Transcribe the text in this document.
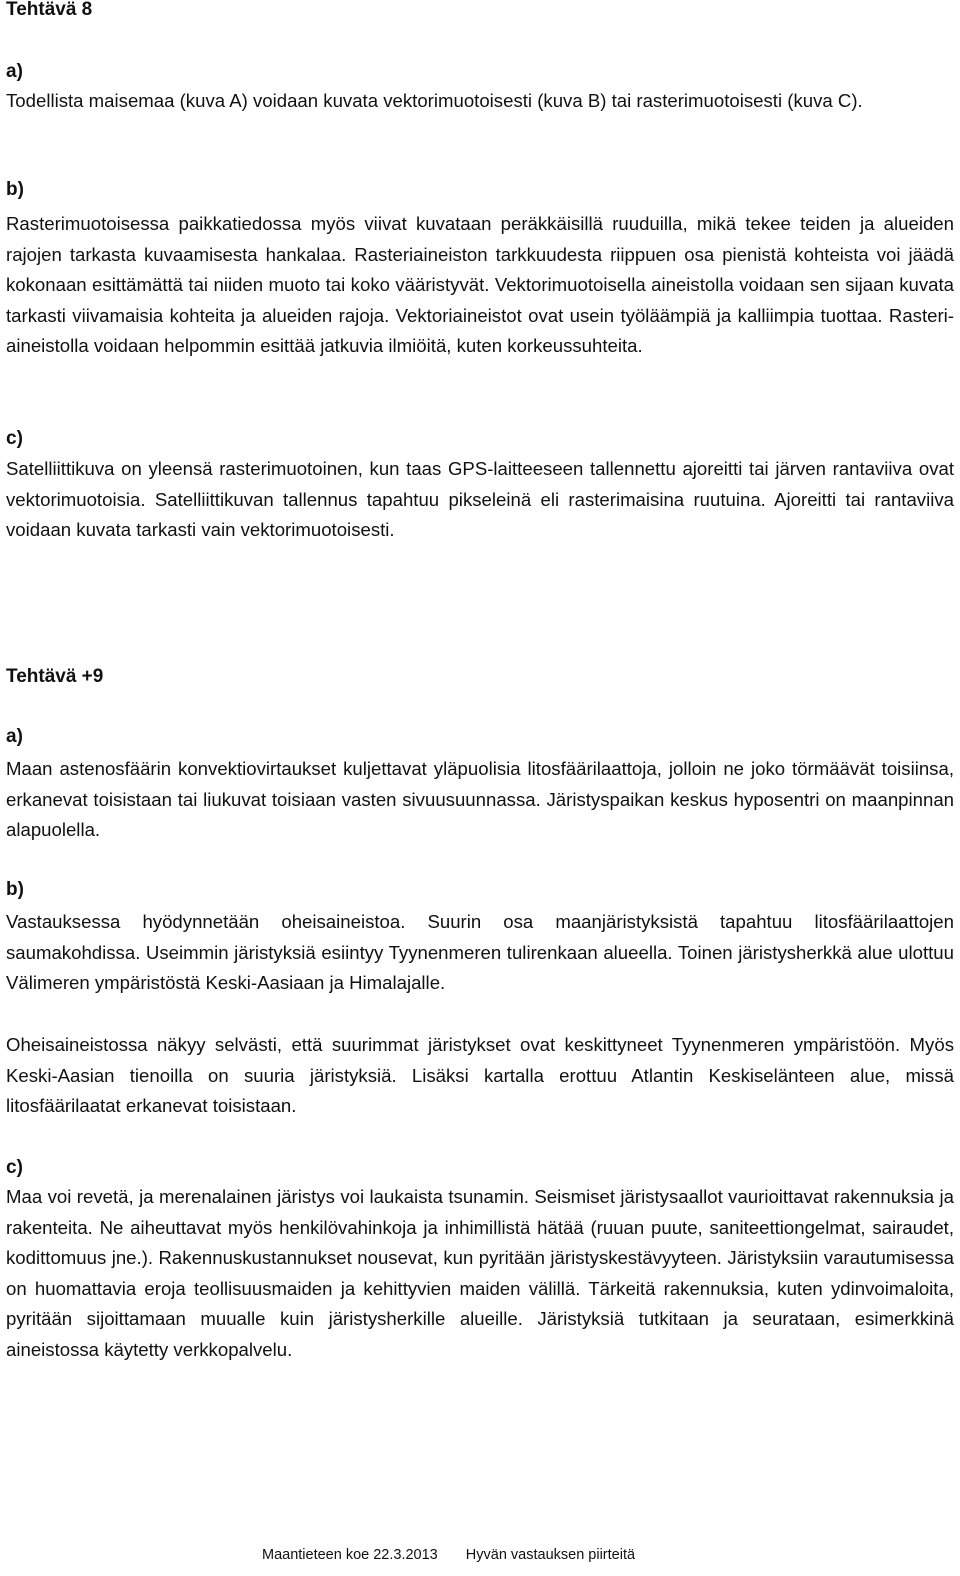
Tehtävä 8
a)

Todellista maisemaa (kuva A) voidaan kuvata vektorimuotoisesti (kuva B) tai rasterimuotoisesti (kuva C).

b)

Rasterimuotoisessa paikkatiedossa myös viivat kuvataan peräkkäisillä ruuduilla, mikä tekee teiden ja alueiden rajojen tarkasta kuvaamisesta hankalaa. Rasteriaineiston tarkkuudesta riippuen osa pienistä kohteista voi jäädä kokonaan esittämättä tai niiden muoto tai koko vääristyvät. Vektorimuotoisella aineistolla voidaan sen sijaan kuvata tarkasti viivamaisia kohteita ja alueiden rajoja. Vektoriaineistot ovat usein työläämpiä ja kalliimpia tuottaa. Rasteriaineistolla voidaan helpommin esittää jatkuvia ilmiöitä, kuten korkeussuhteita.

c)

Satelliittikuva on yleensä rasterimuotoinen, kun taas GPS-laitteeseen tallennettu ajoreitti tai järven rantaviiva ovat vektorimuotoisia. Satelliittikuvan tallennus tapahtuu pikseleinä eli rasterimaisina ruutuina. Ajoreitti tai rantaviiva voidaan kuvata tarkasti vain vektorimuotoisesti.

Tehtävä +9
a)

Maan astenosfäärin konvektiovirtaukset kuljettavat yläpuolisia litosfäärilaattoja, jolloin ne joko törmäävät toisiinsa, erkanevat toisistaan tai liukuvat toisiaan vasten sivuusuunnassa. Järistyspaikan keskus hyposentri on maanpinnan alapuolella.

b)

Vastauksessa hyödynnetään oheisaineistoa. Suurin osa maanjäristyksistä tapahtuu litosfäärilaattojen saumakohdissa. Useimmin järistyksiä esiintyy Tyynenmeren tulirenkaan alueella. Toinen järistysherkkä alue ulottuu Välimeren ympäristöstä Keski-Aasiaan ja Himalajalle.

Oheisaineistossa näkyy selvästi, että suurimmat järistykset ovat keskittyneet Tyynenmeren ympäristöön. Myös Keski-Aasian tienoilla on suuria järistyksiä. Lisäksi kartalla erottuu Atlantin Keskiselänteen alue, missä litosfäärilaatat erkanevat toisistaan.

c)

Maa voi revetä, ja merenalainen järistys voi laukaista tsunamin. Seismiset järistysaallot vaurioittavat rakennuksia ja rakenteita. Ne aiheuttavat myös henkilövahinkoja ja inhimillistä hätää (ruuan puute, saniteettiongelmat, sairaudet, kodittomuus jne.). Rakennuskustannukset nousevat, kun pyritään järistyskestävyyteen. Järistyksiin varautumisessa on huomattavia eroja teollisuusmaiden ja kehittyvien maiden välillä. Tärkeitä rakennuksia, kuten ydinvoimaloita, pyritään sijoittamaan muualle kuin järistysherkille alueille. Järistyksiä tutkitaan ja seurataan, esimerkkinä aineistossa käytetty verkkopalvelu.

Maantieteen koe 22.3.2013 Hyvän vastauksen piirteitä
